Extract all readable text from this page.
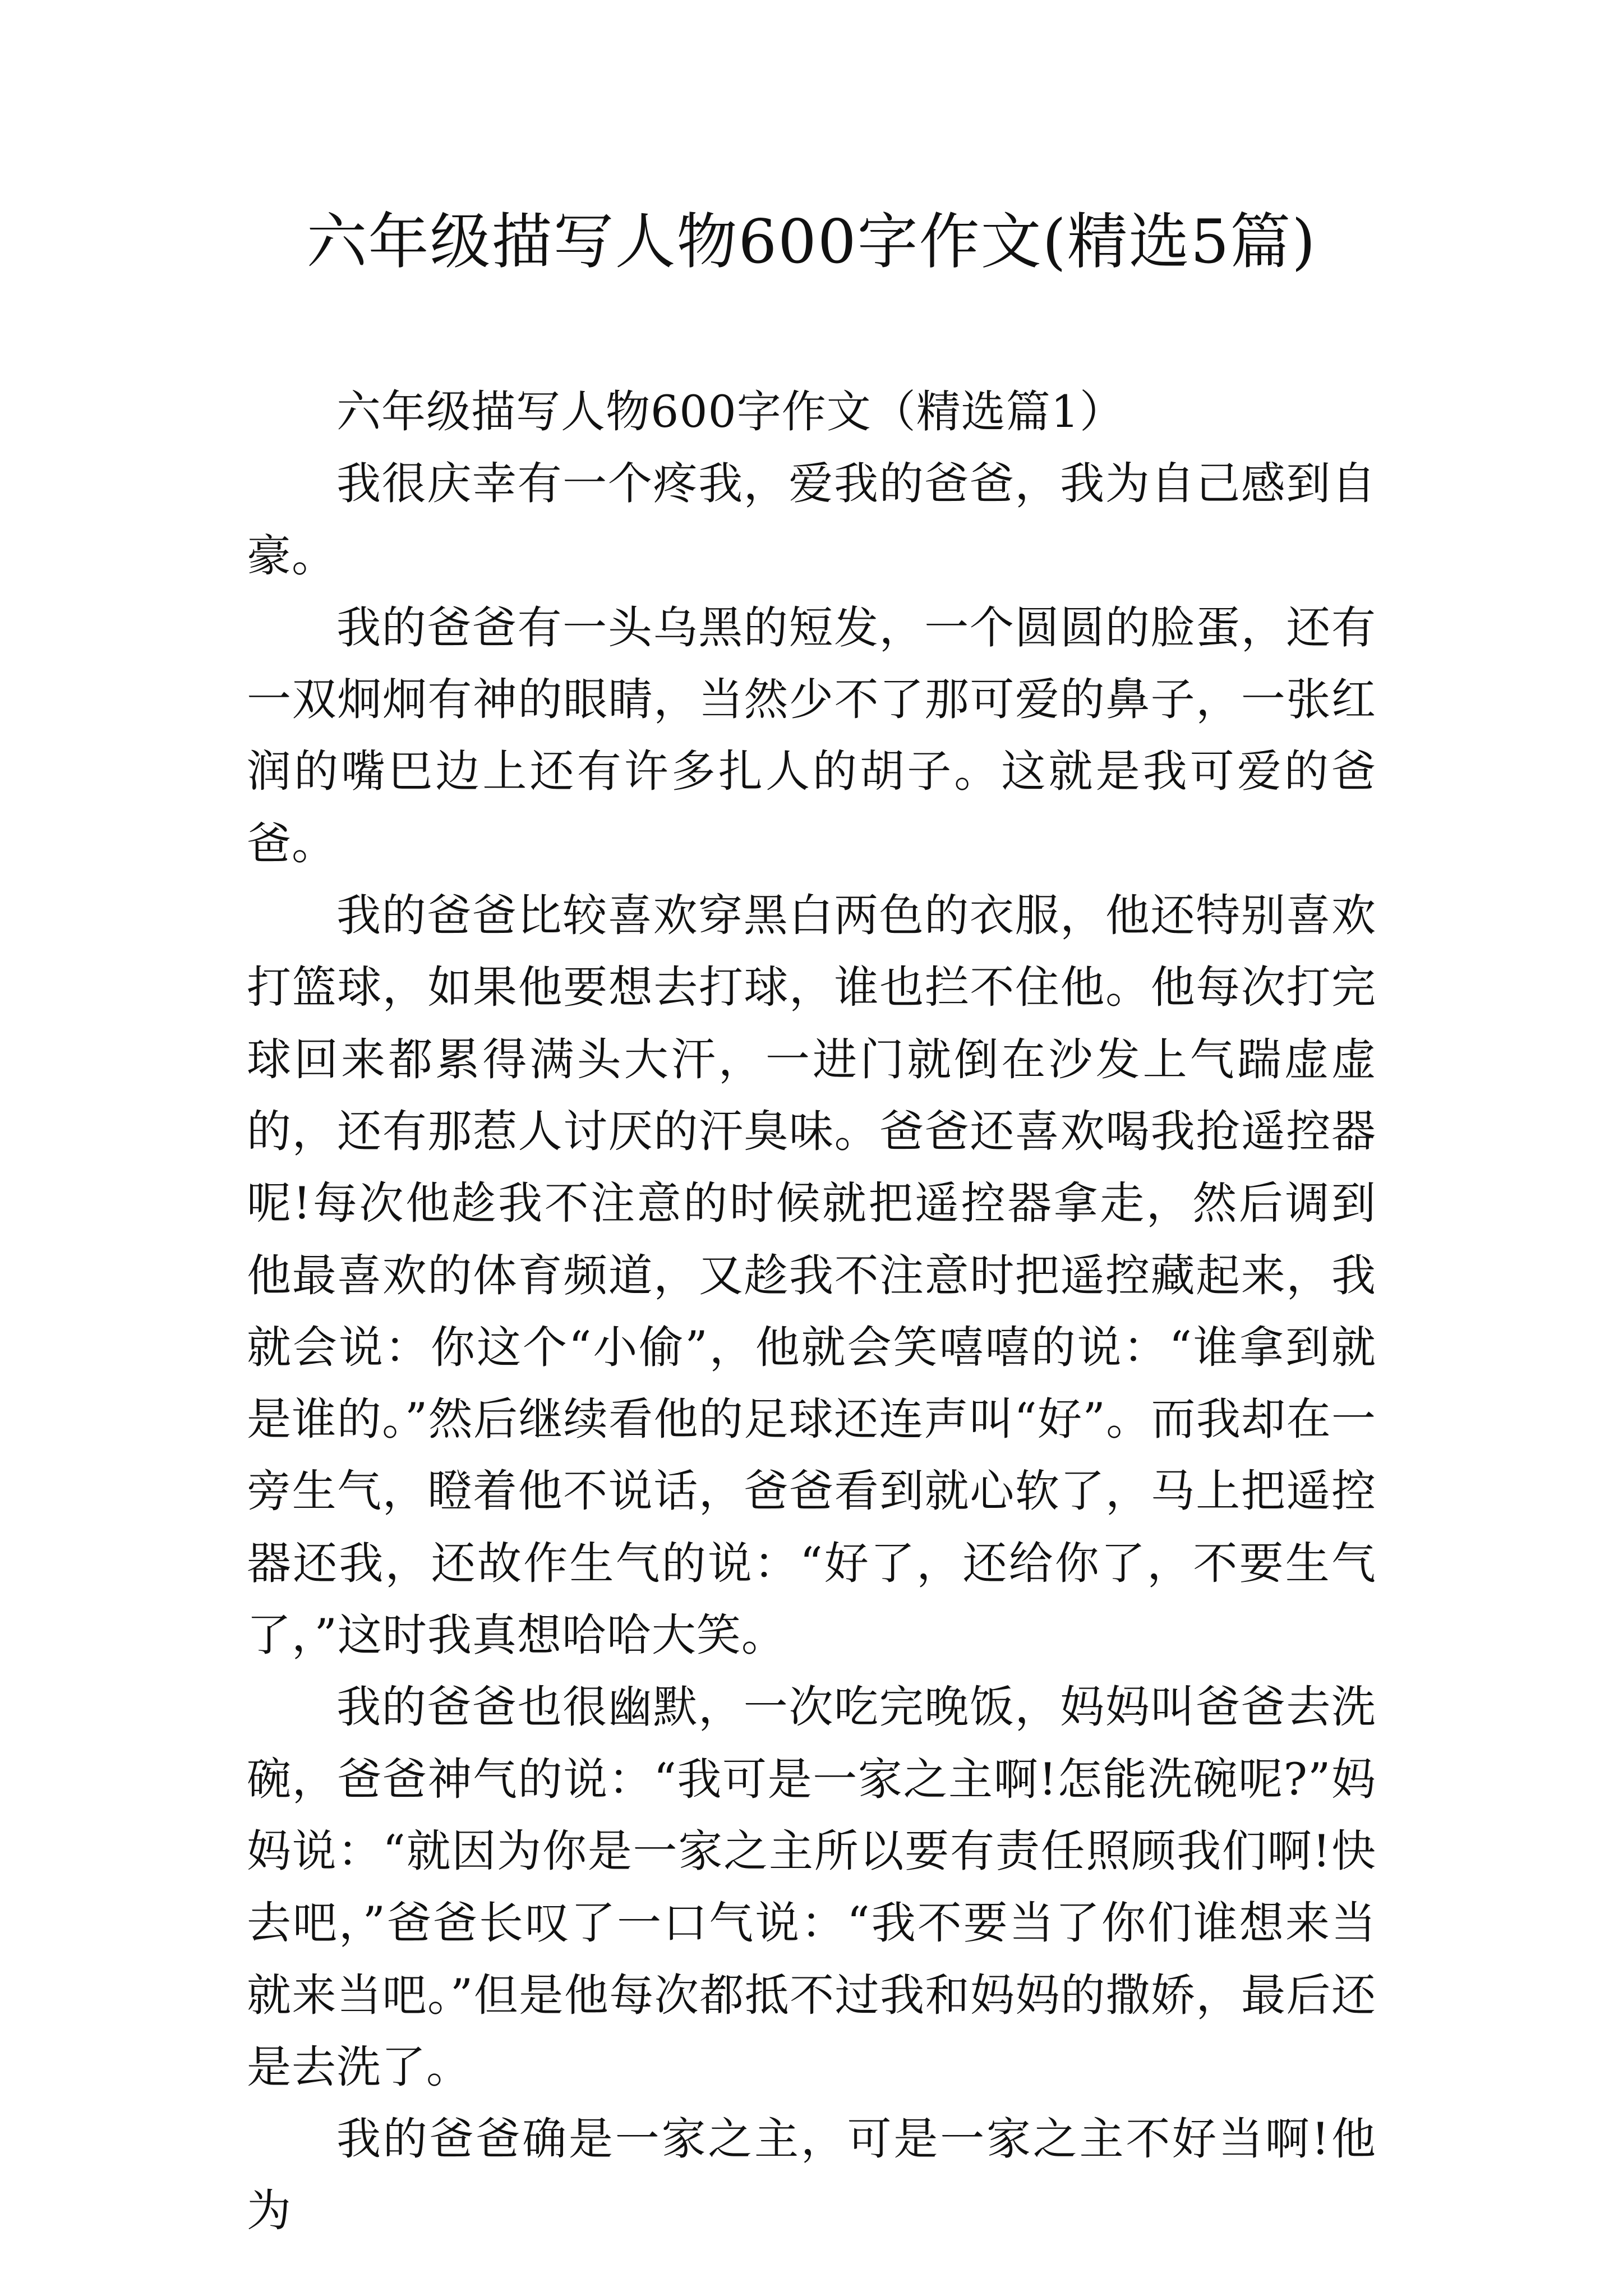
六年级描写人物600字作文(精选5篇)

六年级描写人物600字作文（精选篇1）

我很庆幸有一个疼我，爱我的爸爸，我为自己感到自豪。

我的爸爸有一头乌黑的短发，一个圆圆的脸蛋，还有一双炯炯有神的眼睛，当然少不了那可爱的鼻子，一张红润的嘴巴边上还有许多扎人的胡子。这就是我可爱的爸爸。

我的爸爸比较喜欢穿黑白两色的衣服，他还特别喜欢打篮球，如果他要想去打球，谁也拦不住他。他每次打完球回来都累得满头大汗，一进门就倒在沙发上气踹虚虚的，还有那惹人讨厌的汗臭味。爸爸还喜欢喝我抢遥控器呢!每次他趁我不注意的时候就把遥控器拿走，然后调到他最喜欢的体育频道，又趁我不注意时把遥控藏起来，我就会说：你这个“小偷”，他就会笑嘻嘻的说：“谁拿到就是谁的。”然后继续看他的足球还连声叫“好”。而我却在一旁生气，瞪着他不说话，爸爸看到就心软了，马上把遥控器还我，还故作生气的说：“好了，还给你了，不要生气了，”这时我真想哈哈大笑。

我的爸爸也很幽默，一次吃完晚饭，妈妈叫爸爸去洗碗，爸爸神气的说：“我可是一家之主啊!怎能洗碗呢?”妈妈说：“就因为你是一家之主所以要有责任照顾我们啊!快去吧，”爸爸长叹了一口气说：“我不要当了你们谁想来当就来当吧。”但是他每次都抵不过我和妈妈的撒娇，最后还是去洗了。

我的爸爸确是一家之主，可是一家之主不好当啊!他为
